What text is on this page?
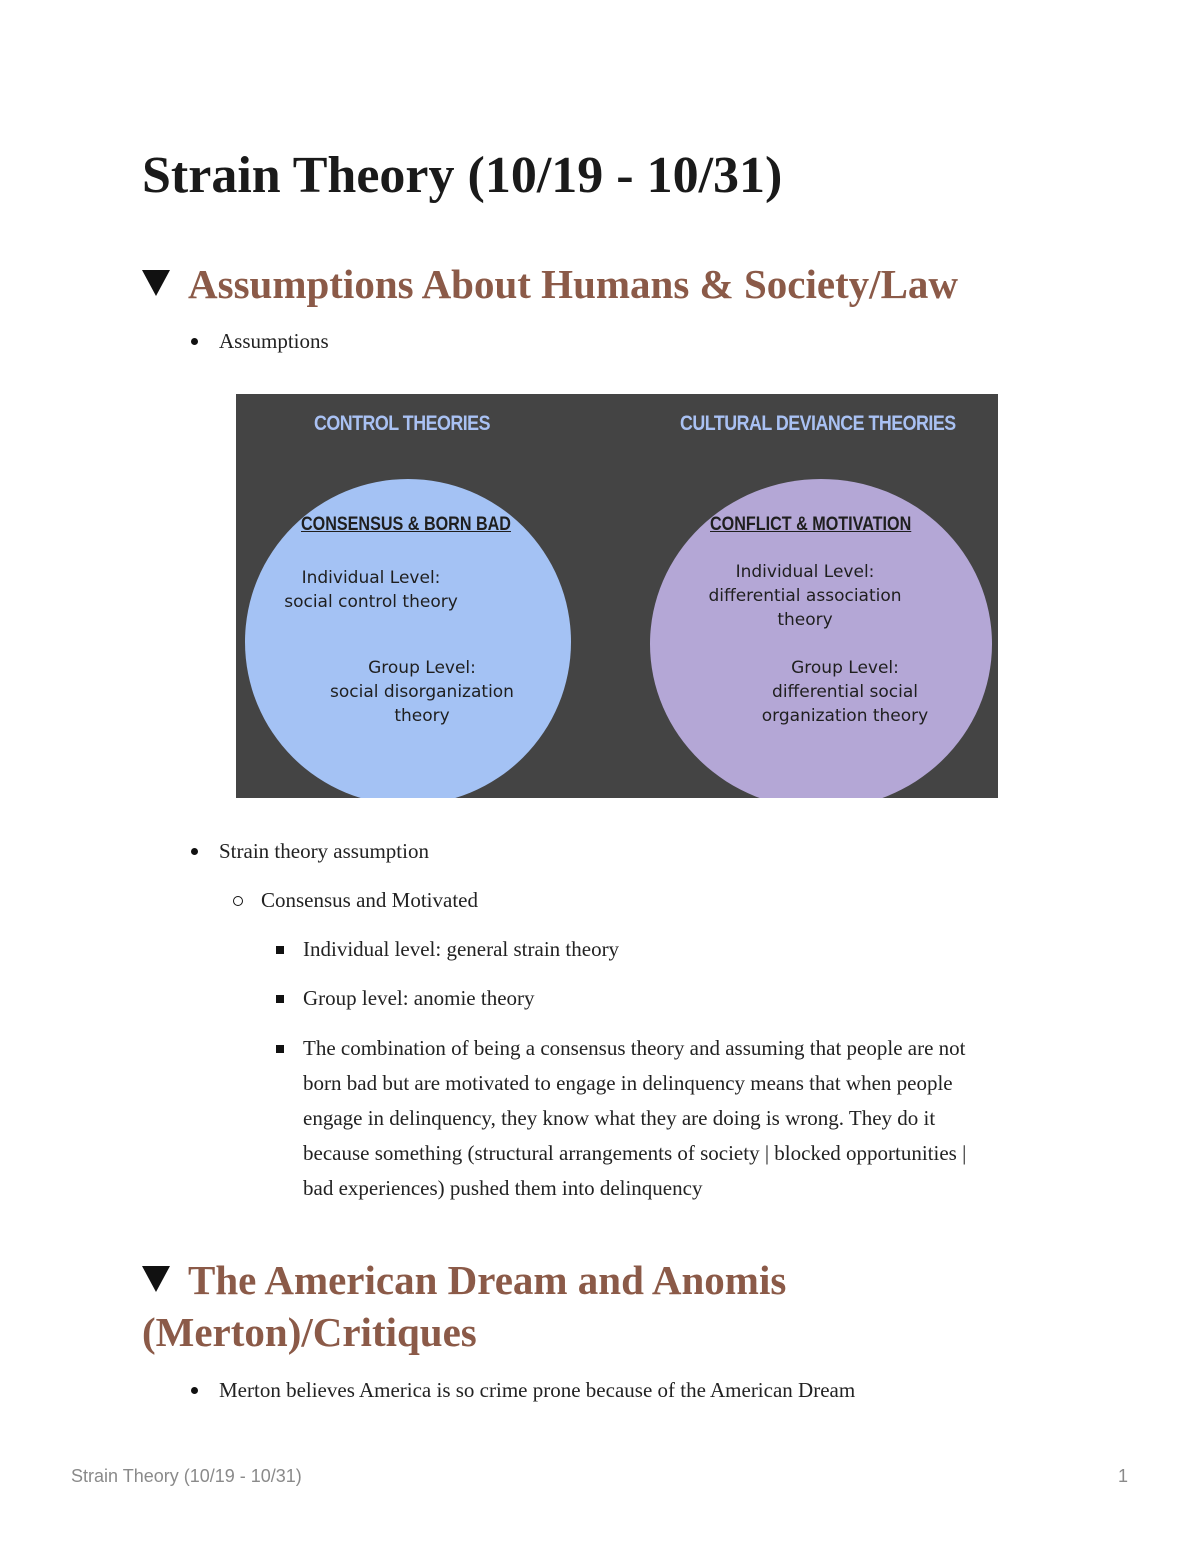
Strain Theory (10/19 - 10/31)
Assumptions About Humans & Society/Law
Assumptions
CONTROL THEORIES	CULTURAL DEVIANCE THEORIES
CONSENSUS & BORN BAD
Individual Level:
social control theory
Group Level:
social disorganization
theory
CONFLICT & MOTIVATION
Individual Level:
differential association
theory
Group Level:
differential social
organization theory
Strain theory assumption
Consensus and Motivated
Individual level: general strain theory
Group level: anomie theory
The combination of being a consensus theory and assuming that people are not
born bad but are motivated to engage in delinquency means that when people
engage in delinquency, they know what they are doing is wrong. They do it
because something (structural arrangements of society | blocked opportunities |
bad experiences) pushed them into delinquency
The American Dream and Anomis
(Merton)/Critiques
Merton believes America is so crime prone because of the American Dream
Strain Theory (10/19 - 10/31)	1
